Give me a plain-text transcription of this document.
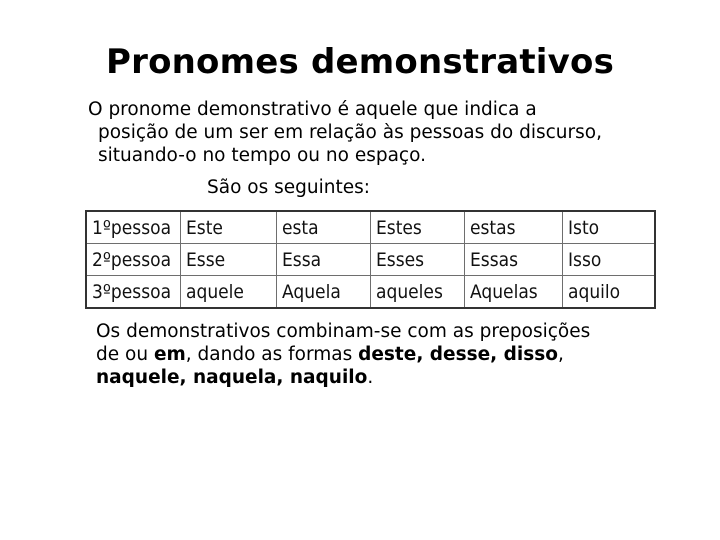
Pronomes demonstrativos
O pronome demonstrativo é aquele que indica a
posição de um ser em relação às pessoas do discurso,
situando-o no tempo ou no espaço.
São os seguintes:
1ºpessoa	Este	esta	Estes	estas	Isto
2ºpessoa	Esse	Essa	Esses	Essas	Isso
3ºpessoa	aquele	Aquela	aqueles	Aquelas	aquilo
Os demonstrativos combinam-se com as preposições
de ou em, dando as formas deste, desse, disso,
naquele, naquela, naquilo.
